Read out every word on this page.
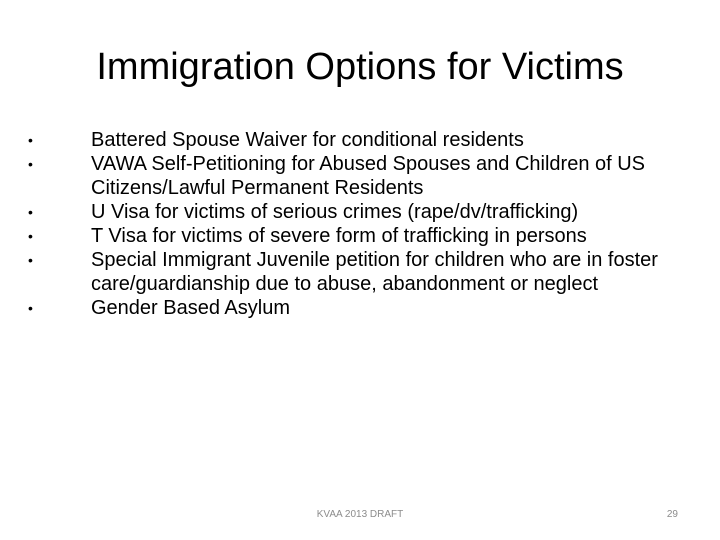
Immigration Options for Victims
•	Battered Spouse Waiver for conditional residents
•	VAWA Self-Petitioning for Abused Spouses and Children of US Citizens/Lawful Permanent Residents
•	U Visa for victims of serious crimes (rape/dv/trafficking)
•	T Visa for victims of severe form of trafficking in persons
•	Special Immigrant Juvenile petition for children who are in foster care/guardianship due to abuse, abandonment or neglect
•	Gender Based Asylum
KVAA 2013 DRAFT	29
